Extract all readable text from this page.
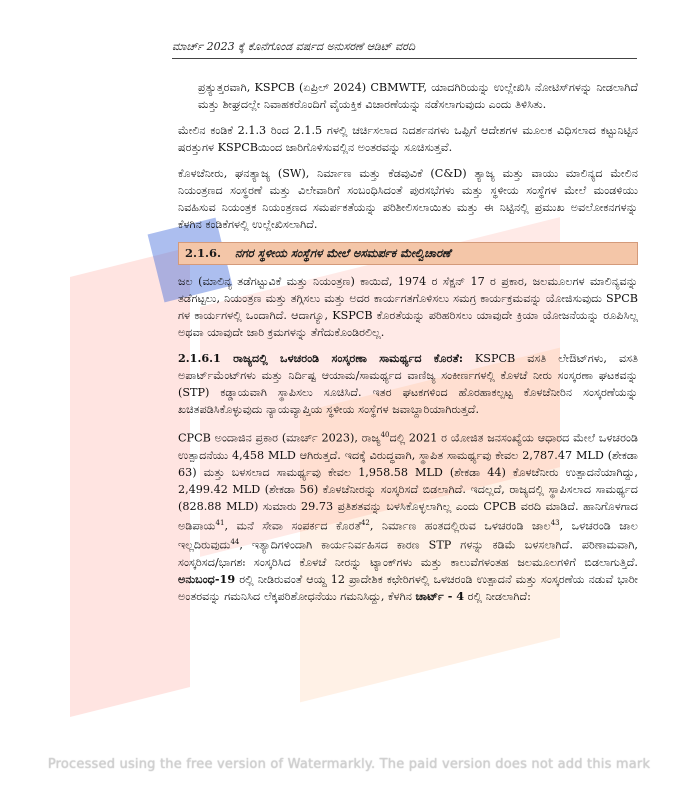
ಮಾರ್ಚ್ 2023 ಕ್ಕೆ ಕೊನೆಗೊಂಡ ವರ್ಷದ ಅನುಸರಣೆ ಆಡಿಟ್ ವರದಿ

ಪ್ರತ್ಯುತ್ತರವಾಗಿ, KSPCB (ಏಪ್ರಿಲ್ 2024) CBMWTF, ಯಾದಗಿರಿಯನ್ನು ಉಲ್ಲೇಖಿಸಿ ನೋಟಿಸ್‌ಗಳನ್ನು ನೀಡಲಾಗಿದೆ ಮತ್ತು ಶೀಘ್ರದಲ್ಲೇ ನಿವಾಹಕರೊಂದಿಗೆ ವೈಯಕ್ತಿಕ ವಿಚಾರಣೆಯನ್ನು ನಡೆಸಲಾಗುವುದು ಎಂದು ತಿಳಿಸಿತು.

ಮೇಲಿನ ಕಂಡಿಕೆ 2.1.3 ರಿಂದ 2.1.5 ಗಳಲ್ಲಿ ಚರ್ಚಿಸಲಾದ ನಿದರ್ಶನಗಳು ಒಪ್ಪಿಗೆ ಆದೇಶಗಳ ಮೂಲಕ ವಿಧಿಸಲಾದ ಕಟ್ಟುನಿಟ್ಟಿನ ಷರತ್ತುಗಳ KSPCBಯಿಂದ ಜಾರಿಗೊಳಿಸುವಲ್ಲಿನ ಅಂತರವನ್ನು ಸೂಚಿಸುತ್ತವೆ.

ಕೊಳಚೆನೀರು, ಘನತ್ಯಾಜ್ಯ (SW), ನಿರ್ಮಾಣ ಮತ್ತು ಕೆಡವುವಿಕೆ (C&D) ತ್ಯಾಜ್ಯ ಮತ್ತು ವಾಯು ಮಾಲಿನ್ಯದ ಮೇಲಿನ ನಿಯಂತ್ರಣದ ಸಂಸ್ಥರಣೆ ಮತ್ತು ವಿಲೇವಾರಿಗೆ ಸಂಬಂಧಿಸಿದಂತೆ ಪುರಸಭೆಗಳು ಮತ್ತು ಸ್ಥಳೀಯ ಸಂಸ್ಥೆಗಳ ಮೇಲೆ ಮಂಡಳಿಯು ನಿವಹಿಸುವ ನಿಯಂತ್ರಕ ನಿಯಂತ್ರಣದ ಸಮರ್ಪಕತೆಯನ್ನು ಪರಿಶೀಲಿಸಲಾಯಿತು ಮತ್ತು ಈ ನಿಟ್ಟಿನಲ್ಲಿ ಪ್ರಮುಖ ಅವಲೋಕನಗಳನ್ನು ಕೆಳಗಿನ ಕಂಡಿಕೆಗಳಲ್ಲಿ ಉಲ್ಲೇಖಿಸಲಾಗಿದೆ.

2.1.6. ನಗರ ಸ್ಥಳೀಯ ಸಂಸ್ಥೆಗಳ ಮೇಲೆ ಅಸಮರ್ಪಕ ಮೇಲ್ವಿಚಾರಣೆ

ಜಲ (ಮಾಲಿನ್ಯ ತಡೆಗಟ್ಟುವಿಕೆ ಮತ್ತು ನಿಯಂತ್ರಣ) ಕಾಯಿದೆ, 1974 ರ ಸೆಕ್ಷನ್ 17 ರ ಪ್ರಕಾರ, ಜಲಮೂಲಗಳ ಮಾಲಿನ್ಯವನ್ನು ತಡೆಗಟ್ಟಲು, ನಿಯಂತ್ರಣ ಮತ್ತು ತಗ್ಗಿಸಲು ಮತ್ತು ಅದರ ಕಾರ್ಯಗತಗೊಳಿಸಲು ಸಮಗ್ರ ಕಾರ್ಯಕ್ರಮವನ್ನು ಯೋಜಿಸುವುದು SPCB ಗಳ ಕಾರ್ಯಗಳಲ್ಲಿ ಒಂದಾಗಿದೆ. ಆದಾಗ್ಯೂ, KSPCB ಕೊರತೆಯನ್ನು ಪರಿಹರಿಸಲು ಯಾವುದೇ ಕ್ರಿಯಾ ಯೋಜನೆಯನ್ನು ರೂಪಿಸಿಲ್ಲ ಅಥವಾ ಯಾವುದೇ ಜಾರಿ ಕ್ರಮಗಳನ್ನು ತೆಗೆದುಕೊಂಡಿರಲಿಲ್ಲ.

2.1.6.1 ರಾಜ್ಯದಲ್ಲಿ ಒಳಚರಂಡಿ ಸಂಸ್ಕರಣಾ ಸಾಮರ್ಥ್ಯದ ಕೊರತೆ: KSPCB ವಸತಿ ಲೇಔಟ್‌ಗಳು, ವಸತಿ ಅಪಾರ್ಟ್‌ಮೆಂಟ್‌ಗಳು ಮತ್ತು ನಿರ್ದಿಷ್ಟ ಆಯಾಮ/ಸಾಮರ್ಥ್ಯದ ವಾಣಿಜ್ಯ ಸಂಕೀರ್ಣಗಳಲ್ಲಿ ಕೊಳಚೆ ನೀರು ಸಂಸ್ಕರಣಾ ಘಟಕವನ್ನು (STP) ಕಡ್ಡಾಯವಾಗಿ ಸ್ಥಾಪಿಸಲು ಸೂಚಿಸಿದೆ. ಇತರ ಘಟಕಗಳಿಂದ ಹೊರಹಾಕಲ್ಪಟ್ಟ ಕೊಳಚೆನೀರಿನ ಸಂಸ್ಕರಣೆಯನ್ನು ಖಚಿತಪಡಿಸಿಕೊಳ್ಳುವುದು ನ್ಯಾಯವ್ಯಾಪ್ತಿಯ ಸ್ಥಳೀಯ ಸಂಸ್ಥೆಗಳ ಜವಾಬ್ದಾರಿಯಾಗಿರುತ್ತದೆ.

CPCB ಅಂದಾಜಿನ ಪ್ರಕಾರ (ಮಾರ್ಚ್ 2023), ರಾಜ್ಯ$^{40}$ದಲ್ಲಿ 2021 ರ ಯೋಜಿತ ಜನಸಂಖ್ಯೆಯ ಆಧಾರದ ಮೇಲೆ ಒಳಚರಂಡಿ ಉತ್ಪಾದನೆಯು 4,458 MLD ಆಗಿರುತ್ತದೆ. ಇದಕ್ಕೆ ವಿರುದ್ಧವಾಗಿ, ಸ್ಥಾಪಿತ ಸಾಮರ್ಥ್ಯವು ಕೇವಲ 2,787.47 MLD (ಶೇಕಡಾ 63) ಮತ್ತು ಬಳಸಲಾದ ಸಾಮರ್ಥ್ಯವು ಕೇವಲ 1,958.58 MLD (ಶೇಕಡಾ 44) ಕೊಳಚೆನೀರು ಉತ್ಪಾದನೆಯಾಗಿದ್ದು, 2,499.42 MLD (ಶೇಕಡಾ 56) ಕೊಳಚೆನೀರನ್ನು ಸಂಸ್ಕರಿಸದೆ ಬಿಡಲಾಗಿದೆ. ಇದಲ್ಲದೆ, ರಾಜ್ಯದಲ್ಲಿ ಸ್ಥಾಪಿಸಲಾದ ಸಾಮರ್ಥ್ಯದ (828.88 MLD) ಸುಮಾರು 29.73 ಪ್ರತಿಶತವನ್ನು ಬಳಸಿಕೊಳ್ಳಲಾಗಿಲ್ಲ ಎಂದು CPCB ವರದಿ ಮಾಡಿದೆ. ಹಾನಿಗೊಳಗಾದ ಅಡಿಪಾಯ$^{41}$, ಮನೆ ಸೇವಾ ಸಂಪರ್ಕದ ಕೊರತೆ$^{42}$, ನಿರ್ಮಾಣ ಹಂತದಲ್ಲಿರುವ ಒಳಚರಂಡಿ ಜಾಲ$^{43}$, ಒಳಚರಂಡಿ ಜಾಲ ಇಲ್ಲದಿರುವುದು$^{44}$, ಇತ್ಯಾದಿಗಳಿಂದಾಗಿ ಕಾರ್ಯನಿರ್ವಹಿಸದ ಕಾರಣ STP ಗಳನ್ನು ಕಡಿಮೆ ಬಳಸಲಾಗಿದೆ. ಪರಿಣಾಮವಾಗಿ, ಸಂಸ್ಕರಿಸದ/ಭಾಗಶಃ ಸಂಸ್ಕರಿಸಿದ ಕೊಳಚೆ ನೀರನ್ನು ಟ್ಯಾಂಕ್‌ಗಳು ಮತ್ತು ಕಾಲುವೆಗಳಂತಹ ಜಲಮೂಲಗಳಿಗೆ ಬಿಡಲಾಗುತ್ತಿದೆ. ಅನುಬಂಧ-19 ರಲ್ಲಿ ನೀಡಿರುವಂತೆ ಆಯ್ದ 12 ಪ್ರಾದೇಶಿಕ ಕಛೇರಿಗಳಲ್ಲಿ ಒಳಚರಂಡಿ ಉತ್ಪಾದನೆ ಮತ್ತು ಸಂಸ್ಕರಣೆಯ ನಡುವೆ ಭಾರೀ ಅಂತರವನ್ನು ಗಮನಿಸಿದ ಲೆಕ್ಕಪರಿಶೋಧನೆಯು ಗಮನಿಸಿದ್ದು, ಕೆಳಗಿನ ಚಾರ್ಟ್ - 4 ರಲ್ಲಿ ನೀಡಲಾಗಿದೆ:

Processed using the free version of Watermarkly. The paid version does not add this mark
